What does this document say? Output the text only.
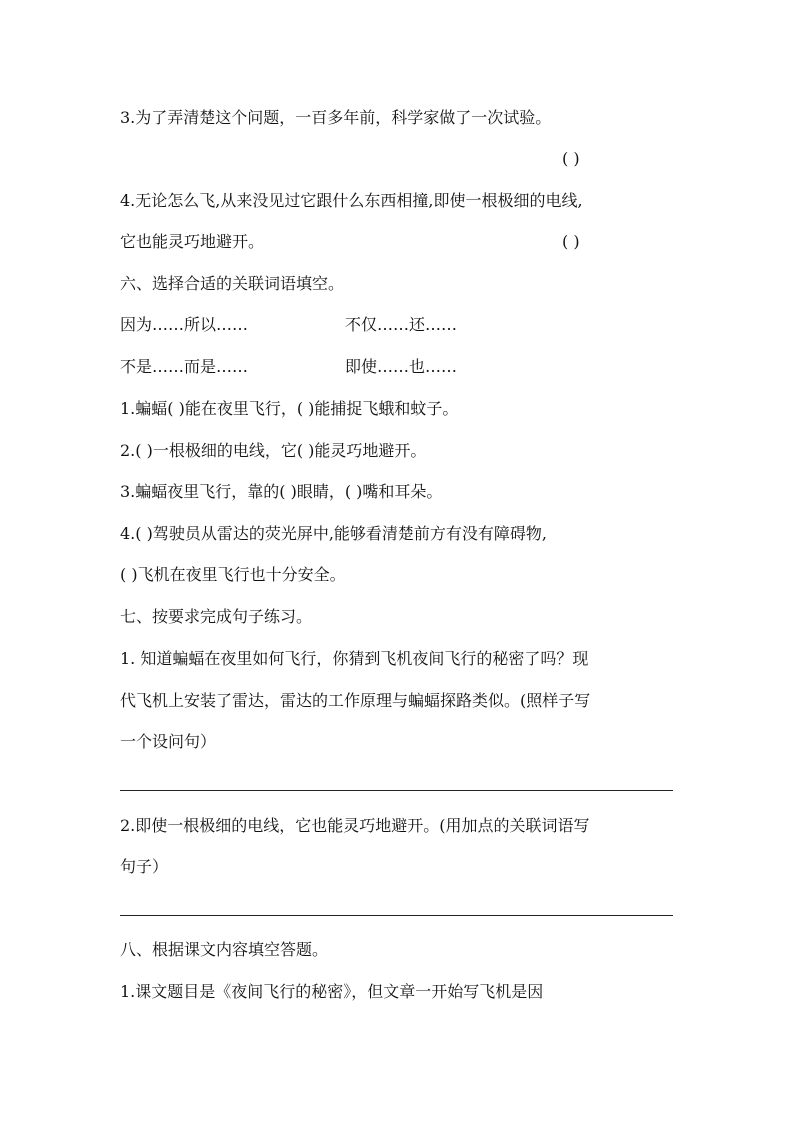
3.为了弄清楚这个问题，一百多年前，科学家做了一次试验。
( )
4.无论怎么飞,从来没见过它跟什么东西相撞,即使一根极细的电线,
它也能灵巧地避开。	( )
六、选择合适的关联词语填空。
因为……所以……	不仅……还……
不是……而是……	即使……也……
1.蝙蝠( )能在夜里飞行，( )能捕捉飞蛾和蚊子。
2.( )一根极细的电线，它( )能灵巧地避开。
3.蝙蝠夜里飞行，靠的( )眼睛，( )嘴和耳朵。
4.( )驾驶员从雷达的荧光屏中,能够看清楚前方有没有障碍物,
( )飞机在夜里飞行也十分安全。
七、按要求完成句子练习。
1. 知道蝙蝠在夜里如何飞行，你猜到飞机夜间飞行的秘密了吗？现
代飞机上安装了雷达，雷达的工作原理与蝙蝠探路类似。(照样子写
一个设问句）
2.即使一根极细的电线，它也能灵巧地避开。(用加点的关联词语写
句子）
八、根据课文内容填空答题。
1.课文题目是《夜间飞行的秘密》，但文章一开始写飞机是因
